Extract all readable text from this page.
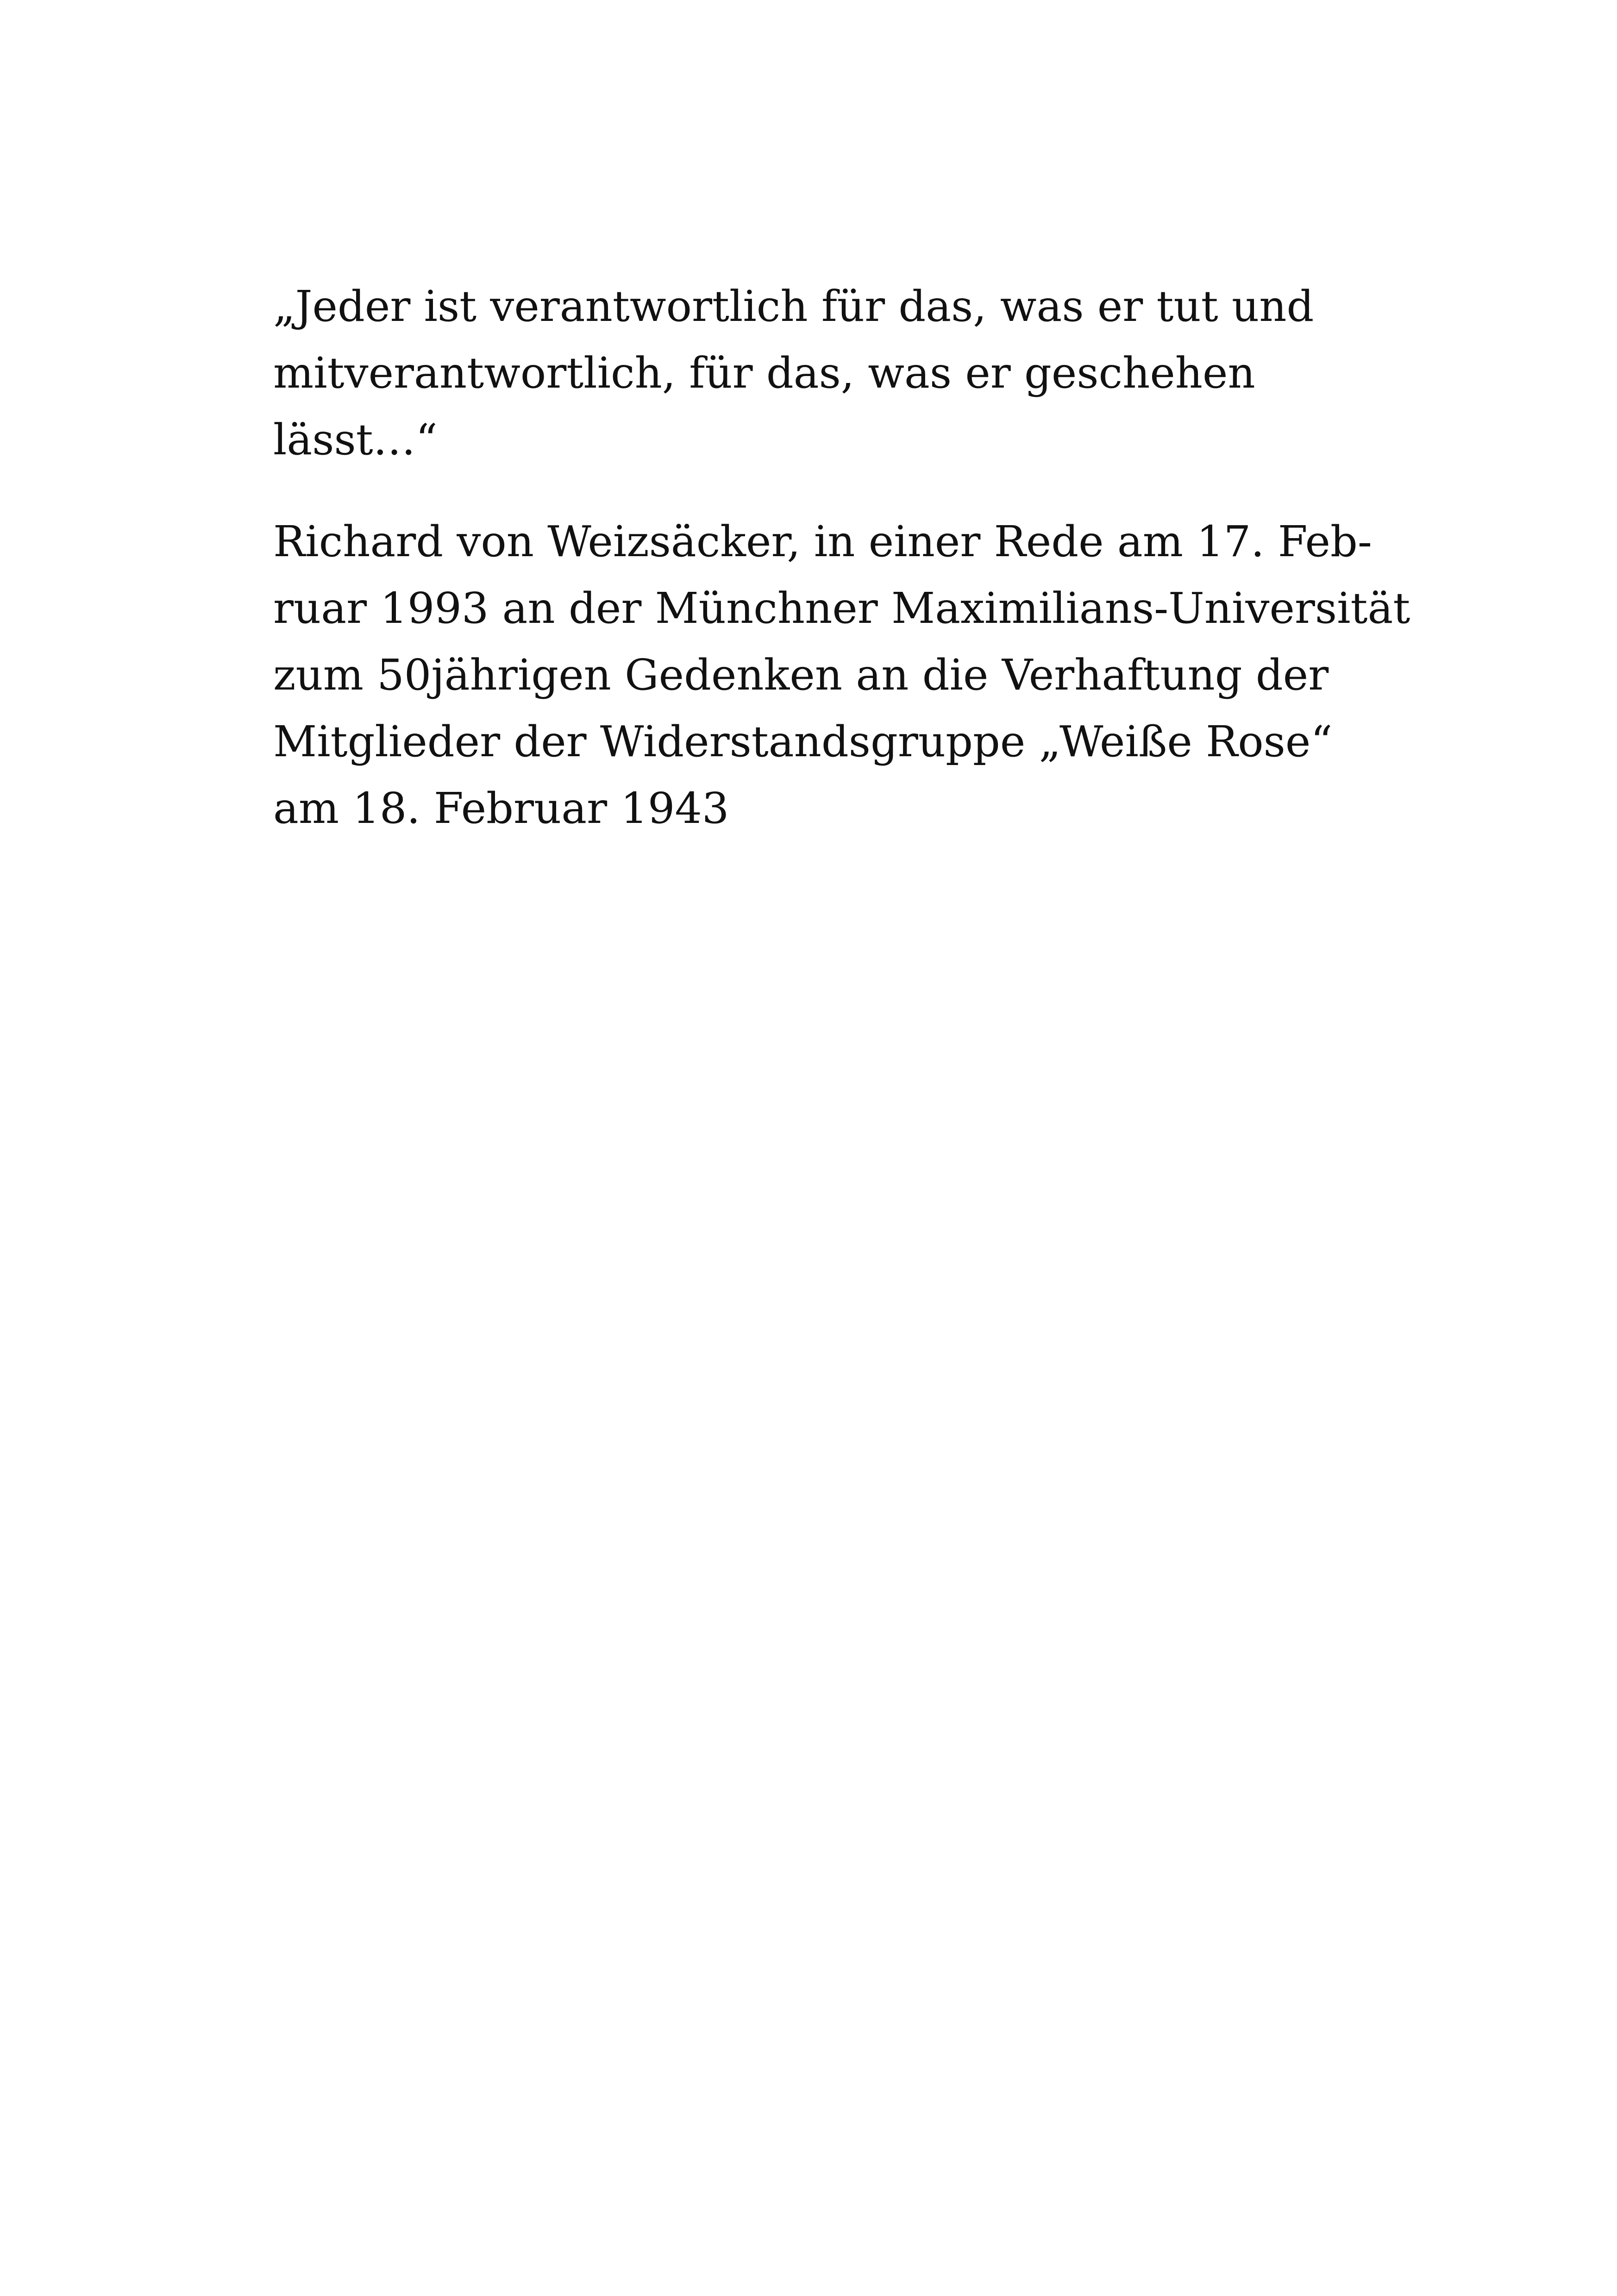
„Jeder ist verantwortlich für das, was er tut und
mitverantwortlich, für das, was er geschehen
lässt…“
Richard von Weizsäcker, in einer Rede am 17. Feb-
ruar 1993 an der Münchner Maximilians-Universität
zum 50jährigen Gedenken an die Verhaftung der
Mitglieder der Widerstandsgruppe „Weiße Rose“
am 18. Februar 1943
